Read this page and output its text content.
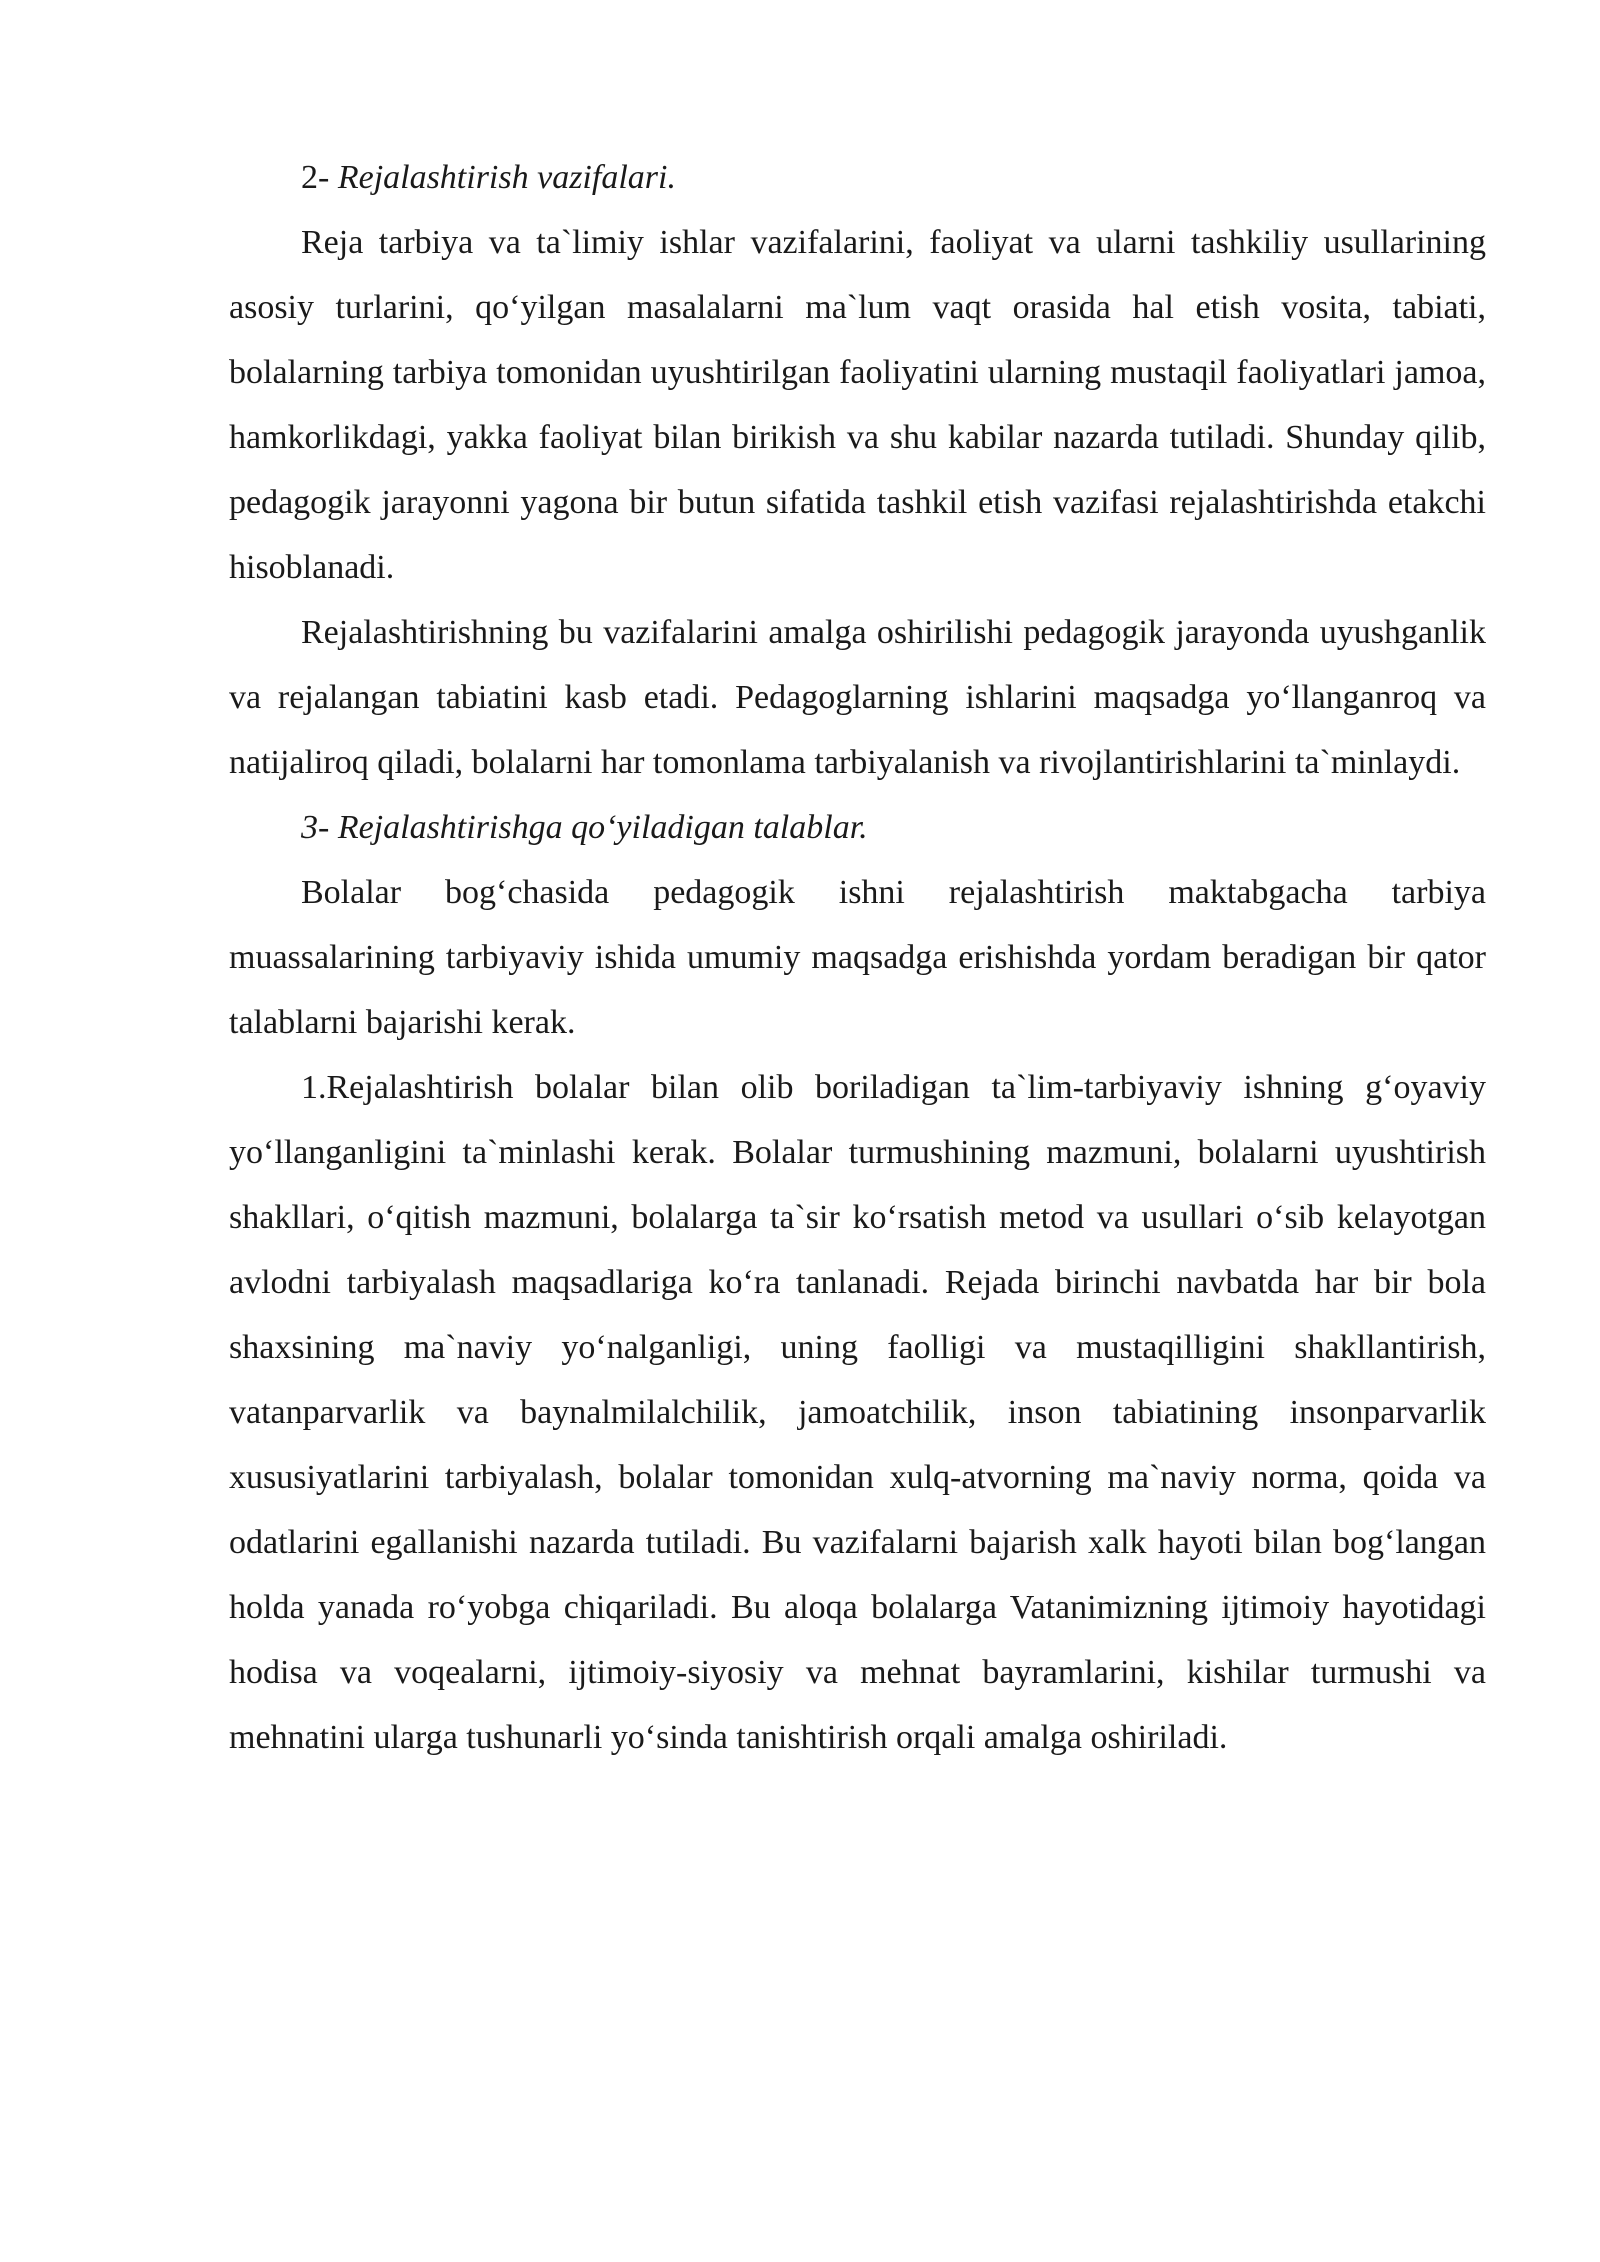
2- Rejalashtirish vazifalari.

Reja tarbiya va ta`limiy ishlar vazifalarini, faoliyat va ularni tashkiliy usullarining asosiy turlarini, qo‘yilgan masalalarni ma`lum vaqt orasida hal etish vosita, tabiati, bolalarning tarbiya tomonidan uyushtirilgan faoliyatini ularning mustaqil faoliyatlari jamoa, hamkorlikdagi, yakka faoliyat bilan birikish va shu kabilar nazarda tutiladi. Shunday qilib, pedagogik jarayonni yagona bir butun sifatida tashkil etish vazifasi rejalashtirishda etakchi hisoblanadi.

Rejalashtirishning bu vazifalarini amalga oshirilishi pedagogik jarayonda uyushganlik va rejalangan tabiatini kasb etadi. Pedagoglarning ishlarini maqsadga yo‘llanganroq va natijaliroq qiladi, bolalarni har tomonlama tarbiyalanish va rivojlantirishlarini ta`minlaydi.

3- Rejalashtirishga qo‘yiladigan talablar.

Bolalar bog‘chasida pedagogik ishni rejalashtirish maktabgacha tarbiya muassalarining tarbiyaviy ishida umumiy maqsadga erishishda yordam beradigan bir qator talablarni bajarishi kerak.

1.Rejalashtirish bolalar bilan olib boriladigan ta`lim-tarbiyaviy ishning g‘oyaviy yo‘llanganligini ta`minlashi kerak. Bolalar turmushining mazmuni, bolalarni uyushtirish shakllari, o‘qitish mazmuni, bolalarga ta`sir ko‘rsatish metod va usullari o‘sib kelayotgan avlodni tarbiyalash maqsadlariga ko‘ra tanlanadi. Rejada birinchi navbatda har bir bola shaxsining ma`naviy yo‘nalganligi, uning faolligi va mustaqilligini shakllantirish, vatanparvarlik va baynalmilalchilik, jamoatchilik, inson tabiatining insonparvarlik xususiyatlarini tarbiyalash, bolalar tomonidan xulq-atvorning ma`naviy norma, qoida va odatlarini egallanishi nazarda tutiladi. Bu vazifalarni bajarish xalk hayoti bilan bog‘langan holda yanada ro‘yobga chiqariladi. Bu aloqa bolalarga Vatanimizning ijtimoiy hayotidagi hodisa va voqealarni, ijtimoiy-siyosiy va mehnat bayramlarini, kishilar turmushi va mehnatini ularga tushunarli yo‘sinda tanishtirish orqali amalga oshiriladi.
